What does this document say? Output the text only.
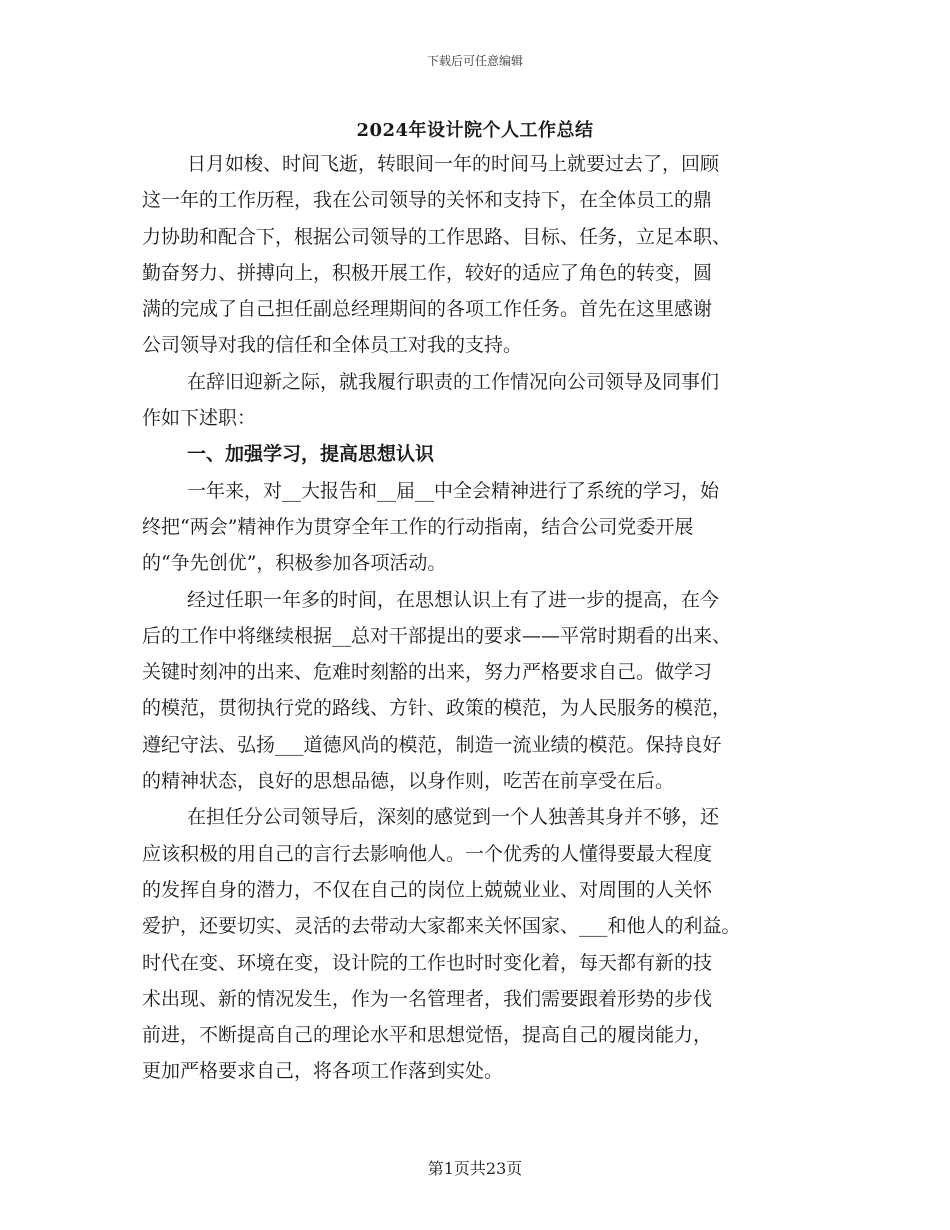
下载后可任意编辑
2024年设计院个人工作总结
日月如梭、时间飞逝，转眼间一年的时间马上就要过去了，回顾
这一年的工作历程，我在公司领导的关怀和支持下，在全体员工的鼎
力协助和配合下，根据公司领导的工作思路、目标、任务，立足本职、
勤奋努力、拼搏向上，积极开展工作，较好的适应了角色的转变，圆
满的完成了自己担任副总经理期间的各项工作任务。首先在这里感谢
公司领导对我的信任和全体员工对我的支持。
在辞旧迎新之际，就我履行职责的工作情况向公司领导及同事们
作如下述职：
一、加强学习，提高思想认识
一年来，对__大报告和__届__中全会精神进行了系统的学习，始
终把“两会”精神作为贯穿全年工作的行动指南，结合公司党委开展
的“争先创优”，积极参加各项活动。
经过任职一年多的时间，在思想认识上有了进一步的提高，在今
后的工作中将继续根据__总对干部提出的要求——平常时期看的出来、
关键时刻冲的出来、危难时刻豁的出来，努力严格要求自己。做学习
的模范，贯彻执行党的路线、方针、政策的模范，为人民服务的模范，
遵纪守法、弘扬___道德风尚的模范，制造一流业绩的模范。保持良好
的精神状态，良好的思想品德，以身作则，吃苦在前享受在后。
在担任分公司领导后，深刻的感觉到一个人独善其身并不够，还
应该积极的用自己的言行去影响他人。一个优秀的人懂得要最大程度
的发挥自身的潜力，不仅在自己的岗位上兢兢业业、对周围的人关怀
爱护，还要切实、灵活的去带动大家都来关怀国家、___和他人的利益。
时代在变、环境在变，设计院的工作也时时变化着，每天都有新的技
术出现、新的情况发生，作为一名管理者，我们需要跟着形势的步伐
前进，不断提高自己的理论水平和思想觉悟，提高自己的履岗能力，
更加严格要求自己，将各项工作落到实处。
第1页共23页
